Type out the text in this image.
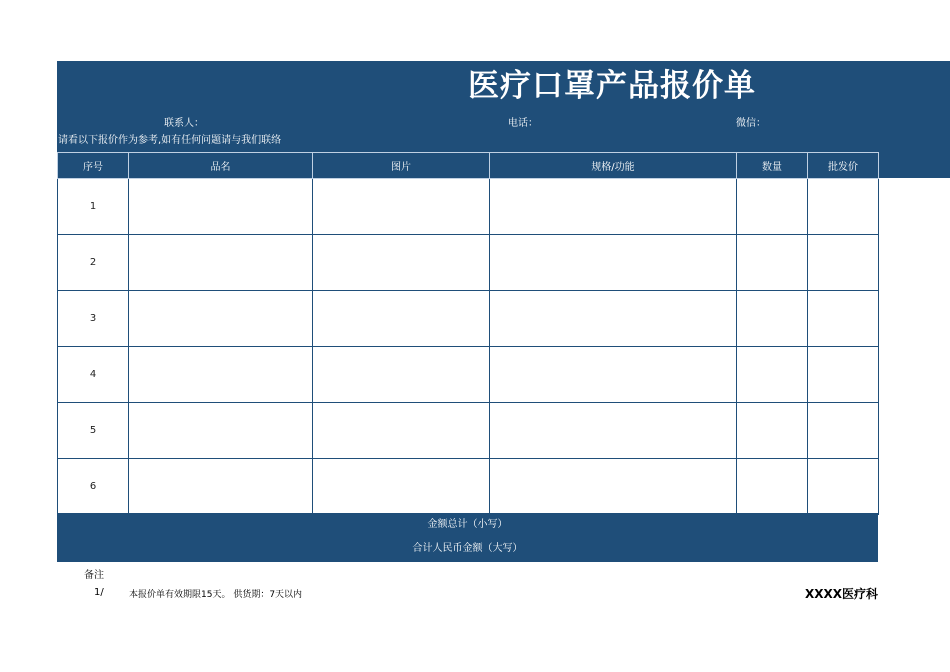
医疗口罩产品报价单
联系人：	电话：	微信：
请看以下报价作为参考,如有任何问题请与我们联络
序号	品名	图片	规格/功能	数量	批发价
1					
2					
3					
4					
5					
6					
金额总计（小写）
合计人民币金额（大写）
备注
1/	本报价单有效期限15天。 供货期：7天以内	XXXX医疗科
